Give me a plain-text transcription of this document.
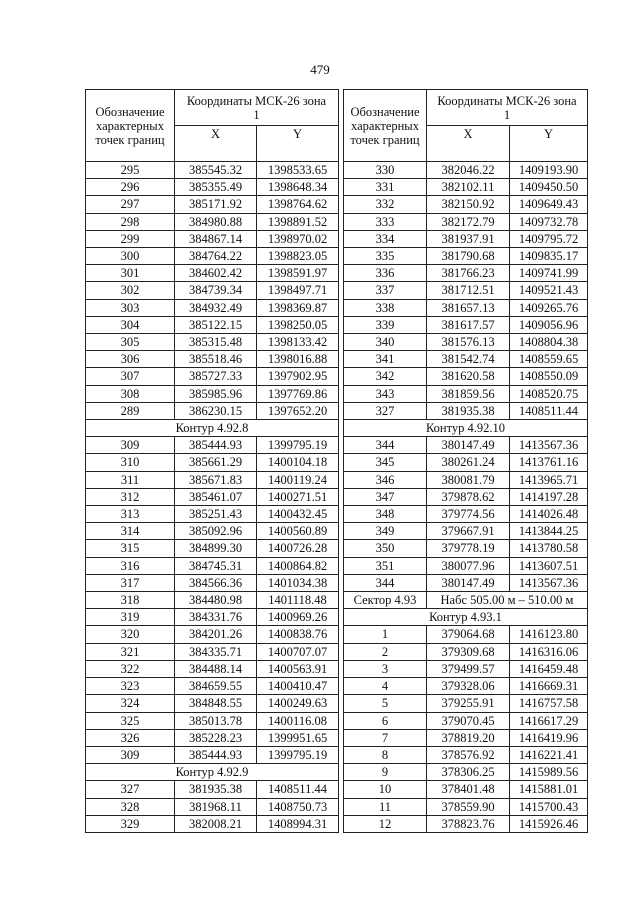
479
Обозначение характерных точек границ	Координаты МСК-26 зона 1	
	X	Y
295	385545.32	1398533.65
296	385355.49	1398648.34
297	385171.92	1398764.62
298	384980.88	1398891.52
299	384867.14	1398970.02
300	384764.22	1398823.05
301	384602.42	1398591.97
302	384739.34	1398497.71
303	384932.49	1398369.87
304	385122.15	1398250.05
305	385315.48	1398133.42
306	385518.46	1398016.88
307	385727.33	1397902.95
308	385985.96	1397769.86
289	386230.15	1397652.20
Контур 4.92.8		
309	385444.93	1399795.19
310	385661.29	1400104.18
311	385671.83	1400119.24
312	385461.07	1400271.51
313	385251.43	1400432.45
314	385092.96	1400560.89
315	384899.30	1400726.28
316	384745.31	1400864.82
317	384566.36	1401034.38
318	384480.98	1401118.48
319	384331.76	1400969.26
320	384201.26	1400838.76
321	384335.71	1400707.07
322	384488.14	1400563.91
323	384659.55	1400410.47
324	384848.55	1400249.63
325	385013.78	1400116.08
326	385228.23	1399951.65
309	385444.93	1399795.19
Контур 4.92.9		
327	381935.38	1408511.44
328	381968.11	1408750.73
329	382008.21	1408994.31
Обозначение характерных точек границ	Координаты МСК-26 зона 1	
	X	Y
330	382046.22	1409193.90
331	382102.11	1409450.50
332	382150.92	1409649.43
333	382172.79	1409732.78
334	381937.91	1409795.72
335	381790.68	1409835.17
336	381766.23	1409741.99
337	381712.51	1409521.43
338	381657.13	1409265.76
339	381617.57	1409056.96
340	381576.13	1408804.38
341	381542.74	1408559.65
342	381620.58	1408550.09
343	381859.56	1408520.75
327	381935.38	1408511.44
Контур 4.92.10		
344	380147.49	1413567.36
345	380261.24	1413761.16
346	380081.79	1413965.71
347	379878.62	1414197.28
348	379774.56	1414026.48
349	379667.91	1413844.25
350	379778.19	1413780.58
351	380077.96	1413607.51
344	380147.49	1413567.36
Сектор 4.93	Набс 505.00 м – 510.00 м	
Контур 4.93.1		
1	379064.68	1416123.80
2	379309.68	1416316.06
3	379499.57	1416459.48
4	379328.06	1416669.31
5	379255.91	1416757.58
6	379070.45	1416617.29
7	378819.20	1416419.96
8	378576.92	1416221.41
9	378306.25	1415989.56
10	378401.48	1415881.01
11	378559.90	1415700.43
12	378823.76	1415926.46
